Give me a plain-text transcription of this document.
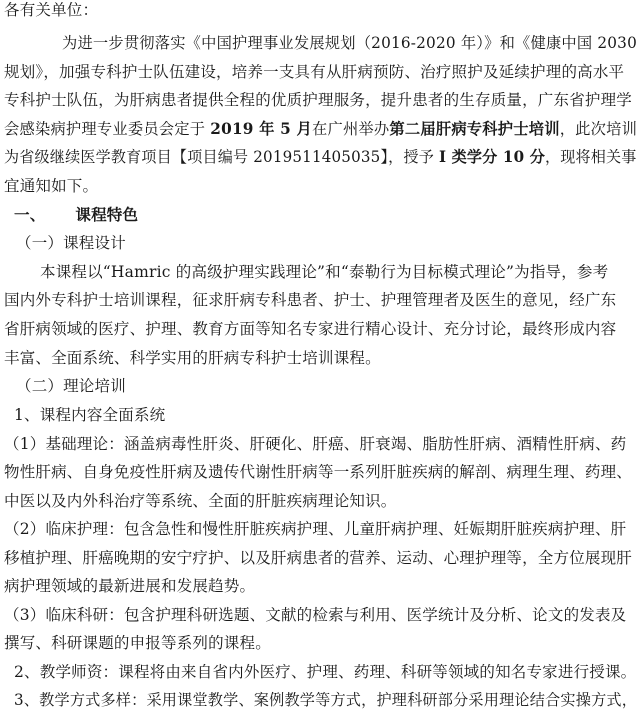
各有关单位：
为进一步贯彻落实《中国护理事业发展规划（2016-2020 年）》和《健康中国 2030
规划》，加强专科护士队伍建设，培养一支具有从肝病预防、治疗照护及延续护理的高水平
专科护士队伍，为肝病患者提供全程的优质护理服务，提升患者的生存质量，广东省护理学
会感染病护理专业委员会定于 2019 年 5 月在广州举办第二届肝病专科护士培训，此次培训
为省级继续医学教育项目【项目编号 2019511405035】，授予 I 类学分 10 分，现将相关事
宜通知如下。
一、 课程特色
（一）课程设计
本课程以“Hamric 的高级护理实践理论”和“泰勒行为目标模式理论”为指导，参考
国内外专科护士培训课程，征求肝病专科患者、护士、护理管理者及医生的意见，经广东
省肝病领域的医疗、护理、教育方面等知名专家进行精心设计、充分讨论，最终形成内容
丰富、全面系统、科学实用的肝病专科护士培训课程。
（二）理论培训
1、课程内容全面系统
（1）基础理论：涵盖病毒性肝炎、肝硬化、肝癌、肝衰竭、脂肪性肝病、酒精性肝病、药
物性肝病、自身免疫性肝病及遗传代谢性肝病等一系列肝脏疾病的解剖、病理生理、药理、
中医以及内外科治疗等系统、全面的肝脏疾病理论知识。
（2）临床护理：包含急性和慢性肝脏疾病护理、儿童肝病护理、妊娠期肝脏疾病护理、肝
移植护理、肝癌晚期的安宁疗护、以及肝病患者的营养、运动、心理护理等，全方位展现肝
病护理领域的最新进展和发展趋势。
（3）临床科研：包含护理科研选题、文献的检索与利用、医学统计及分析、论文的发表及
撰写、科研课题的申报等系列的课程。
2、教学师资：课程将由来自省内外医疗、护理、药理、科研等领域的知名专家进行授课。
3、教学方式多样：采用课堂教学、案例教学等方式，护理科研部分采用理论结合实操方式，
